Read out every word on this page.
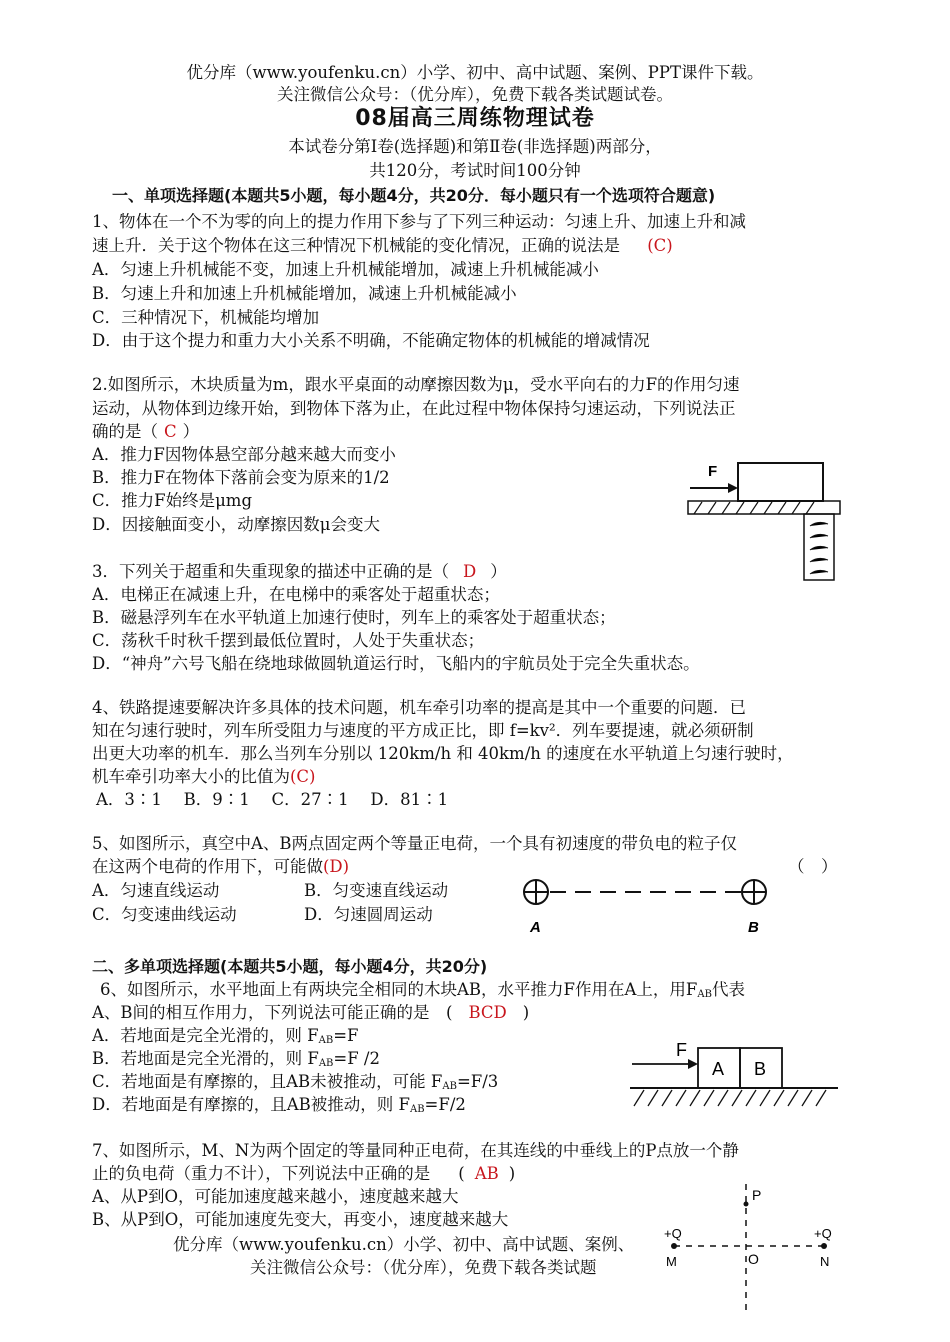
优分库（www.youfenku.cn）小学、初中、高中试题、案例、PPT课件下载。
关注微信公众号：（优分库），免费下载各类试题试卷。
08届高三周练物理试卷
本试卷分第Ⅰ卷(选择题)和第Ⅱ卷(非选择题)两部分，
共120分，考试时间100分钟
一、单项选择题(本题共5小题，每小题4分，共20分．每小题只有一个选项符合题意)
1、物体在一个不为零的向上的提力作用下参与了下列三种运动：匀速上升、加速上升和减
速上升．关于这个物体在这三种情况下机械能的变化情况，正确的说法是 (C)
A．匀速上升机械能不变，加速上升机械能增加，减速上升机械能减小
B．匀速上升和加速上升机械能增加，减速上升机械能减小
C．三种情况下，机械能均增加
D．由于这个提力和重力大小关系不明确，不能确定物体的机械能的增减情况
2.如图所示，木块质量为m，跟水平桌面的动摩擦因数为μ，受水平向右的力F的作用匀速
运动，从物体到边缘开始，到物体下落为止，在此过程中物体保持匀速运动，下列说法正
确的是（ C ）
A．推力F因物体悬空部分越来越大而变小
B．推力F在物体下落前会变为原来的1/2
C．推力F始终是μmg
D．因接触面变小，动摩擦因数μ会变大
F
3．下列关于超重和失重现象的描述中正确的是（ D ）
A．电梯正在减速上升，在电梯中的乘客处于超重状态；
B．磁悬浮列车在水平轨道上加速行使时，列车上的乘客处于超重状态；
C．荡秋千时秋千摆到最低位置时，人处于失重状态；
D．“神舟”六号飞船在绕地球做圆轨道运行时，飞船内的宇航员处于完全失重状态。
4、铁路提速要解决许多具体的技术问题，机车牵引功率的提高是其中一个重要的问题．已
知在匀速行驶时，列车所受阻力与速度的平方成正比，即 f=kv²．列车要提速，就必须研制
出更大功率的机车．那么当列车分别以 120km/h 和 40km/h 的速度在水平轨道上匀速行驶时，
机车牵引功率大小的比值为(C)
A．3∶1　 B．9∶1　 C．27∶1　 D．81∶1
5、如图所示，真空中A、B两点固定两个等量正电荷，一个具有初速度的带负电的粒子仅
在这两个电荷的作用下，可能做(D)	（　）
A．匀速直线运动	B．匀变速直线运动
C．匀变速曲线运动	D．匀速圆周运动
A	B
二、多单项选择题(本题共5小题，每小题4分，共20分)
6、如图所示，水平地面上有两块完全相同的木块AB，水平推力F作用在A上，用$F_{AB}$代表
A、B间的相互作用力，下列说法可能正确的是　( BCD )
A．若地面是完全光滑的，则 $F_{AB}=F$
B．若地面是完全光滑的，则 $F_{AB}=F$ /2
C．若地面是有摩擦的，且AB未被推动，可能 $F_{AB}=F/3$
D．若地面是有摩擦的，且AB被推动，则 $F_{AB}=F/2$
F
A B
7、如图所示，M、N为两个固定的等量同种正电荷，在其连线的中垂线上的P点放一个静
止的负电荷（重力不计），下列说法中正确的是 ( AB )
A、从P到O，可能加速度越来越小，速度越来越大
B、从P到O，可能加速度先变大，再变小，速度越来越大
P
O
M	N
+Q	+Q
优分库（www.youfenku.cn）小学、初中、高中试题、案例、
关注微信公众号：（优分库），免费下载各类试题
